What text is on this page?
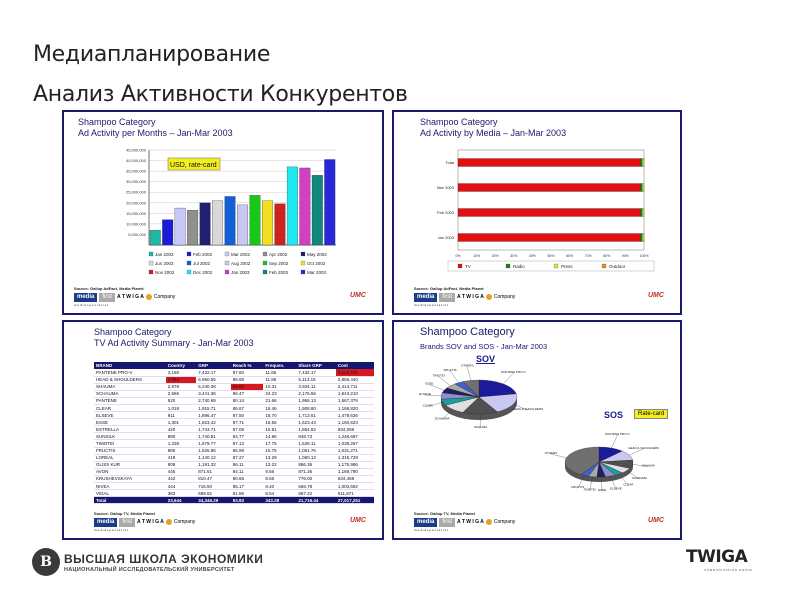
Медиапланирование
Анализ Активности Конкурентов
Shampoo Category
Ad Activity per Months – Jan-Mar 2003
5,000,000
10,000,000
15,000,000
20,000,000
25,000,000
30,000,000
35,000,000
40,000,000
45,000,000
USD, rate-card
Jan 2002	Feb 2002	Mar 2002	Apr 2002	May 2002
Jun 2002	Jul 2002	Aug 2002	Sep 2002	Oct 2002
Nov 2002	Dec 2002	Jan 2003	Feb 2003	Mar 2003
Source: Gallup AdFact, Media Planet
media	first	A T W I G A Company
m e d i a s p e c i a l i s t
UMC
Shampoo Category
Ad Activity by Media – Jan-Mar 2003
0%	10%	20%	30%	40%	50%	60%	70%	80%	90%	100%
Total
Mar 2003
Feb 2003
Jan 2003
TV	Radio	Press	Outdoor
Source: Gallup AdFact, Media Planet
media	first	A T W I G A Company
m e d i a s p e c i a l i s t
UMC
Shampoo Category
TV Ad Activity Summary - Jan-Mar 2003
BRAND	Country	GRP	Reach %	Frequen.	Share GRP	Cost
PANTENE PRO-V	3,168	7,432.17	87.60	11.66	7,432.17	3,113,720
HEAD & SHOULDERS	3,064	6,950.55	86.88	11.86	5,113.16	2,856,440
SHAUMA	2,878	5,240.38	83.92	10.31	3,934.11	2,414,711
SCHAUMA	2,566	3,441.36	86.47	24.23	2,176.56	1,643,210
PANTENE	520	2,740.69	80.14	21.66	1,956.13	1,567,376
CLEAR	1,018	1,915.71	86.67	16.46	1,908.80	1,168,820
ELSEVE	911	1,896.47	87.50	18.70	1,713.61	1,479,636
ESSE	1,301	1,823.42	87.71	16.66	1,623.43	1,160,623
ESTRELLA	420	1,743.71	87.08	15.81	1,864.82	934,058
SUNSILK	880	1,740.81	84.77	14.96	848.73	1,248,687
TIMOTEI	1,338	1,679.77	87.13	17.75	1,539.11	1,038,267
FRUCTIS	885	1,525.96	86.98	15.75	1,051.76	1,031,271
LOREAL	418	1,140.12	87.27	13.29	1,060.13	1,315,728
GLISS KUR	808	1,191.32	86.11	13.22	866.36	1,175,986
AVON	445	871.51	84.11	9.56	871.36	1,168,790
KRUSHEVSKAYA	442	810.47	80.66	8.56	776.00	634,468
NIVEA	444	716.50	85.17	8.40	666.78	1,003,692
VIDAL	383	699.82	81.86	8.54	687.22	511,871
Total	23,644	34,346.29	93.83	343.28	21,716.44	27,017,251
Source: Gallup TV, Media Planet
media	first	A T W I G A Company
m e d i a s p e c i a l i s t
UMC
Shampoo Category
Brands SOV and SOS - Jan-Mar 2003
SOV
SOS	Rate-card
PANTENE PRO-V
HEAD & SHOULDERS
SHAUMA
SCHAUMA
CLEAR
ELSEVE
ESSE
TIMOTEI
FRUCTIS
OTHERS
PANTENE PRO-V
HEAD & SHOULDERS
SHAUMA
SCHAUMA
CLEAR
ELSEVE
ESSE
TIMOTEI
FRUCTIS
OTHERS
Source: Gallup TV, Media Planet
media	first	A T W I G A Company
m e d i a s p e c i a l i s t
UMC
В	ВЫСШАЯ ШКОЛА ЭКОНОМИКИ
НАЦИОНАЛЬНЫЙ ИССЛЕДОВАТЕЛЬСКИЙ УНИВЕРСИТЕТ
TWIGA
COMMUNICATION GROUP
